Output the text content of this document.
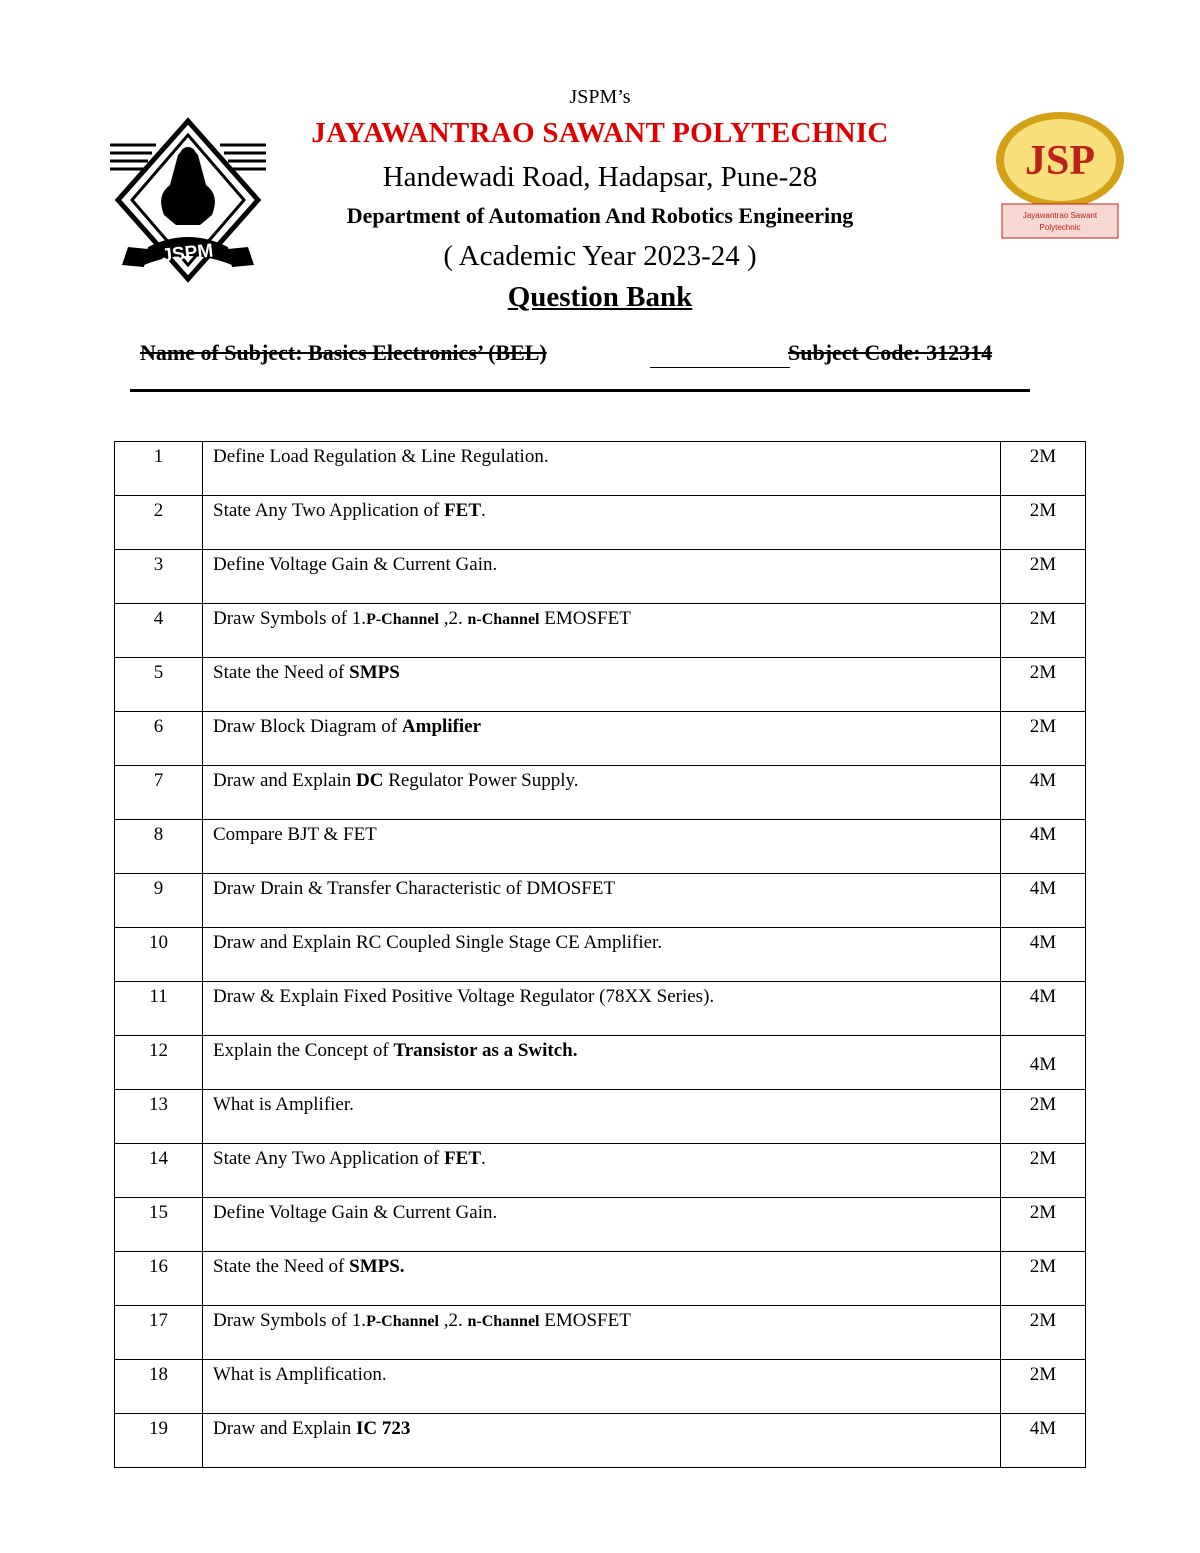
JSPM
JSP
Jayawantrao Sawant
Polytechnic
JSPM’s
JAYAWANTRAO SAWANT POLYTECHNIC
Handewadi Road, Hadapsar, Pune-28
Department of Automation And Robotics Engineering
( Academic Year 2023-24 )
Question Bank
Name of Subject: Basics Electronics’ (BEL)	Subject Code: 312314
1	Define Load Regulation & Line Regulation.	2M
2	State Any Two Application of FET.	2M
3	Define Voltage Gain & Current Gain.	2M
4	Draw Symbols of 1.P-Channel ,2. n-Channel EMOSFET	2M
5	State the Need of SMPS	2M
6	Draw Block Diagram of Amplifier	2M
7	Draw and Explain DC Regulator Power Supply.	4M
8	Compare BJT & FET	4M
9	Draw Drain & Transfer Characteristic of DMOSFET	4M
10	Draw and Explain RC Coupled Single Stage CE Amplifier.	4M
11	Draw & Explain Fixed Positive Voltage Regulator (78XX Series).	4M
12	Explain the Concept of Transistor as a Switch.	4M
13	What is Amplifier.	2M
14	State Any Two Application of FET.	2M
15	Define Voltage Gain & Current Gain.	2M
16	State the Need of SMPS.	2M
17	Draw Symbols of 1.P-Channel ,2. n-Channel EMOSFET	2M
18	What is Amplification.	2M
19	Draw and Explain IC 723	4M
